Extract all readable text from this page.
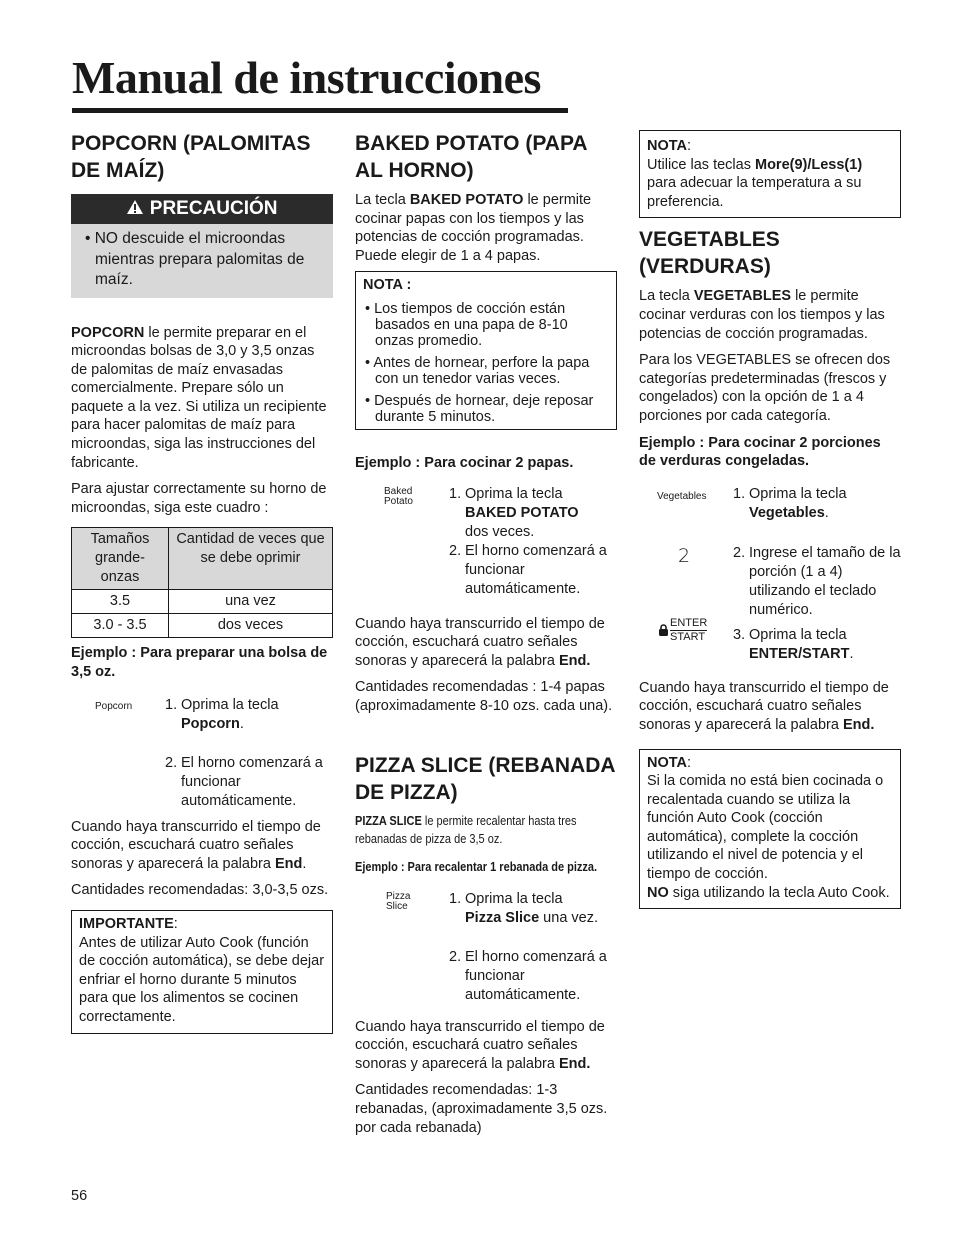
Manual de instrucciones
POPCORN (PALOMITAS
DE MAÍZ)
PRECAUCIÓN
• NO descuide el microondas mientras prepara palomitas de maíz.

POPCORN le permite preparar en el microondas bolsas de 3,0 y 3,5 onzas de palomitas de maíz envasadas comercialmente. Prepare sólo un paquete a la vez. Si utiliza un recipiente para hacer palomitas de maíz para microondas, siga las instrucciones del fabricante.

Para ajustar correctamente su horno de microondas, siga este cuadro :

Tamaños grande- onzas	Cantidad de veces que se debe oprimir
3.5	una vez
3.0 - 3.5	dos veces

Ejemplo : Para preparar una bolsa de 3,5 oz.

Popcorn 1. Oprima la tecla
Popcorn.
2. El horno comenzará a funcionar automáticamente.

Cuando haya transcurrido el tiempo de cocción, escuchará cuatro señales sonoras y aparecerá la palabra End.

Cantidades recomendadas: 3,0-3,5 ozs.

IMPORTANTE:
Antes de utilizar Auto Cook (función de cocción automática), se debe dejar enfriar el horno durante 5 minutos para que los alimentos se cocinen correctamente.
BAKED POTATO (PAPA
AL HORNO)

La tecla BAKED POTATO le permite cocinar papas con los tiempos y las potencias de cocción programadas. Puede elegir de 1 a 4 papas.

NOTA :
• Los tiempos de cocción están basados en una papa de 8-10 onzas promedio.
• Antes de hornear, perfore la papa con un tenedor varias veces.
• Después de hornear, deje reposar durante 5 minutos.

Ejemplo : Para cocinar 2 papas.

Baked
Potato 1. Oprima la tecla
BAKED POTATO
dos veces.
2. El horno comenzará a funcionar automáticamente.

Cuando haya transcurrido el tiempo de cocción, escuchará cuatro señales sonoras y aparecerá la palabra End.

Cantidades recomendadas : 1-4 papas (aproximadamente 8-10 ozs. cada una).

PIZZA SLICE (REBANADA
DE PIZZA)

PIZZA SLICE le permite recalentar hasta tres rebanadas de pizza de 3,5 oz.

Ejemplo : Para recalentar 1 rebanada de pizza.

Pizza
Slice	1. Oprima la tecla
Pizza Slice una vez.
2. El horno comenzará a funcionar automáticamente.

Cuando haya transcurrido el tiempo de cocción, escuchará cuatro señales sonoras y aparecerá la palabra End.

Cantidades recomendadas: 1-3 rebanadas, (aproximadamente 3,5 ozs. por cada rebanada)

NOTA:
Utilice las teclas More(9)/Less(1) para adecuar la temperatura a su preferencia.
VEGETABLES
(VERDURAS)

La tecla VEGETABLES le permite cocinar verduras con los tiempos y las potencias de cocción programadas.

Para los VEGETABLES se ofrecen dos categorías predeterminadas (frescos y congelados) con la opción de 1 a 4 porciones por cada categoría.

Ejemplo : Para cocinar 2 porciones de verduras congeladas.

Vegetables
2
ENTER
START
1. Oprima la tecla
Vegetables.
2. Ingrese el tamaño de la porción (1 a 4) utilizando el teclado numérico.
3. Oprima la tecla
ENTER/START.

Cuando haya transcurrido el tiempo de cocción, escuchará cuatro señales sonoras y aparecerá la palabra End.

NOTA:
Si la comida no está bien cocinada o recalentada cuando se utiliza la función Auto Cook (cocción automática), complete la cocción utilizando el nivel de potencia y el tiempo de cocción.
NO siga utilizando la tecla Auto Cook.
56
